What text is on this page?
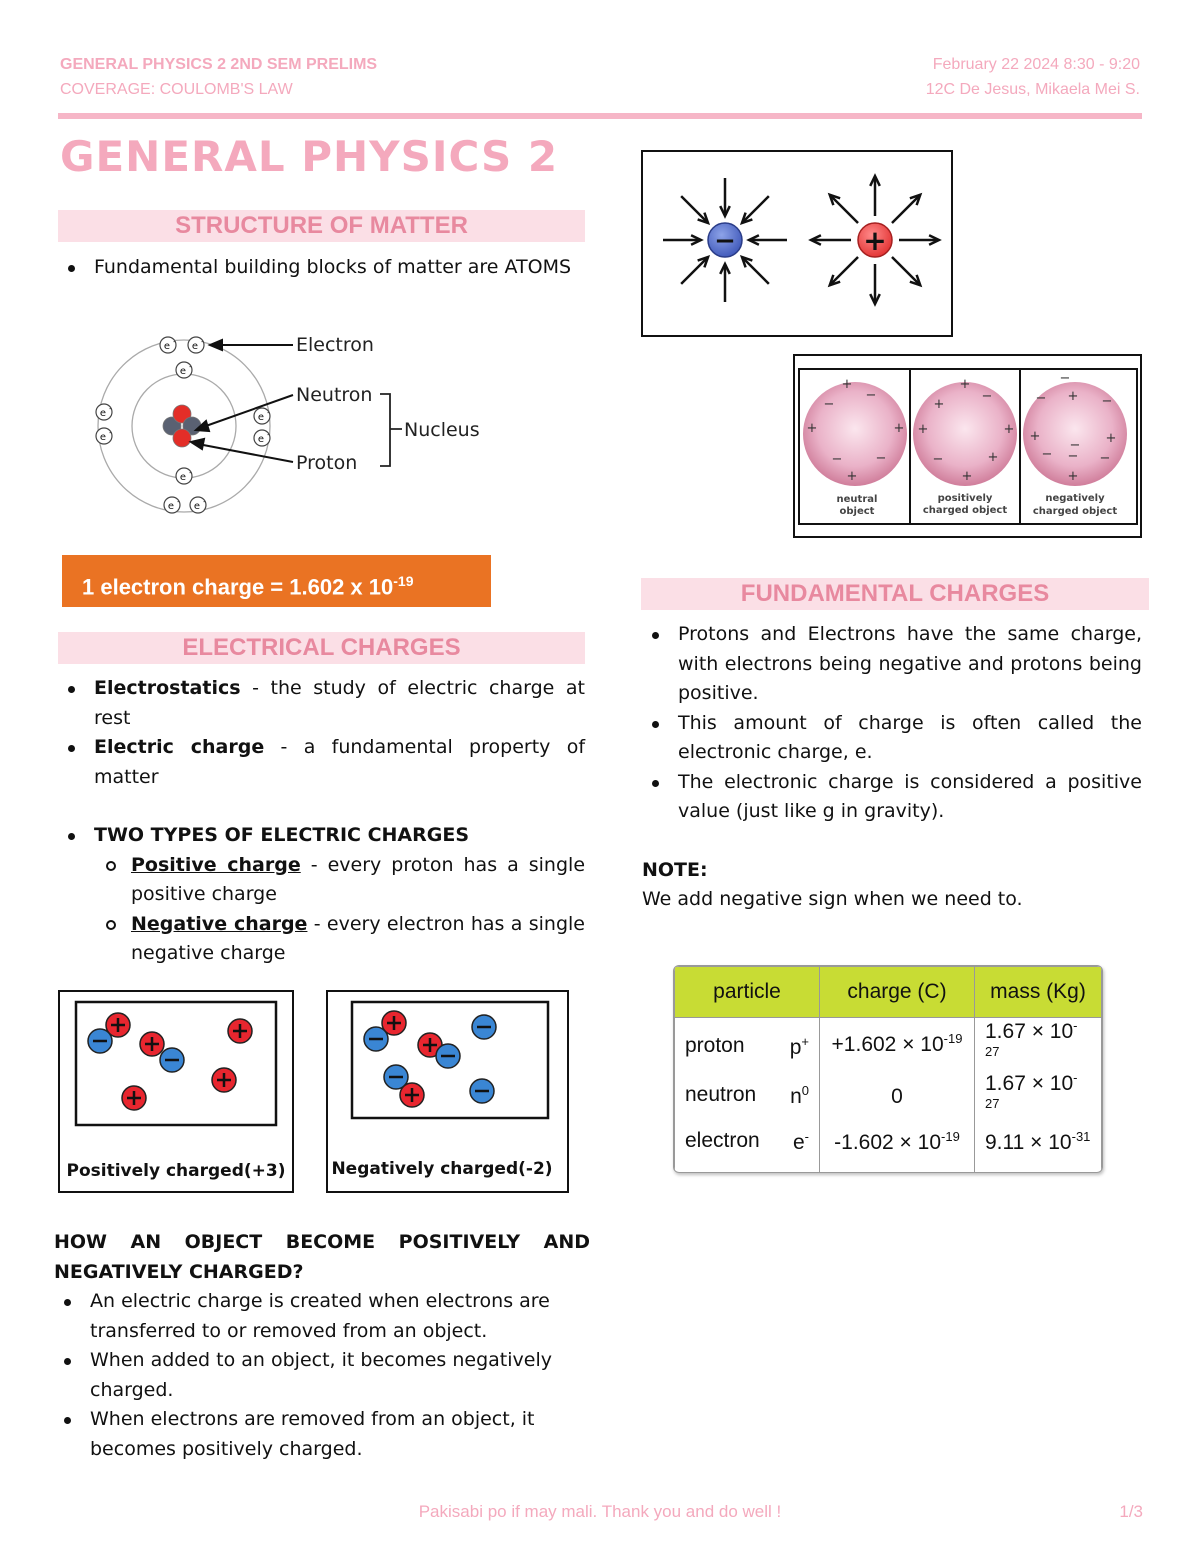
GENERAL PHYSICS 2 2ND SEM PRELIMS
COVERAGE: COULOMB'S LAW
February 22 2024 8:30 - 9:20
12C De Jesus, Mikaela Mei S.
GENERAL PHYSICS 2
STRUCTURE OF MATTER
Fundamental building blocks of matter are ATOMS
e - e -
e -
e -
e -
e -
e -
e -
e - e -
Electron
Neutron
Proton
Nucleus
1 electron charge = 1.602 x $10^{-19}$
ELECTRICAL CHARGES
Electrostatics - the study of electric charge at rest
Electric charge - a fundamental property of matter
TWO TYPES OF ELECTRIC CHARGES
Positive charge - every proton has a single positive charge
Negative charge - every electron has a single negative charge
Positively charged(+3)	Negatively charged(-2)
HOW AN OBJECT BECOME POSITIVELY AND NEGATIVELY CHARGED?
An electric charge is created when electrons are transferred to or removed from an object.
When added to an object, it becomes negatively charged.
When electrons are removed from an object, it becomes positively charged.
−	+
+
−
−
+	+
−
−
+
+
−
+
+	+
−	+
+
−
+
−	−
+	+
− −
+
−
−
neutral
object
positively
charged object
negatively
charged object
FUNDAMENTAL CHARGES
Protons and Electrons have the same charge, with electrons being negative and protons being positive.
This amount of charge is often called the electronic charge, e.
The electronic charge is considered a positive value (just like g in gravity).
NOTE:
We add negative sign when we need to.
particle	charge (C)	mass (Kg)
proton p+	$+1.602 \times 10^{-19}$	$1.67 \times 10^{-27}$
neutron $n^0$	0	$1.67 \times 10^{-27}$
electron e-	$-1.602 \times 10^{-19}$	$9.11 \times 10^{-31}$
Pakisabi po if may mali. Thank you and do well !	1/3
